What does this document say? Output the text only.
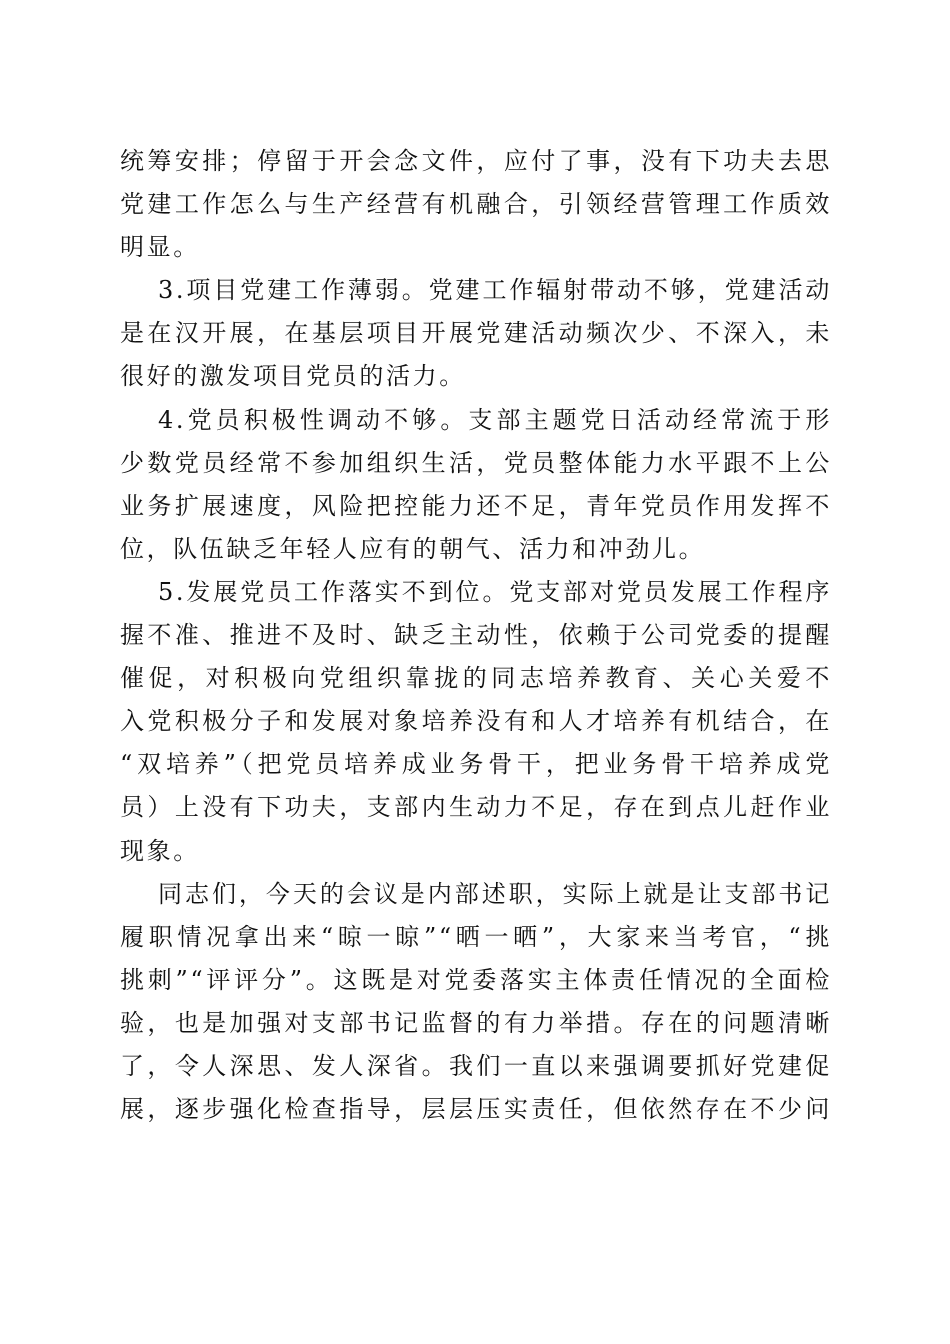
统筹安排；停留于开会念文件，应付了事，没有下功夫去思
党建工作怎么与生产经营有机融合，引领经营管理工作质效
明显。
3.项目党建工作薄弱。党建工作辐射带动不够，党建活动
是在汉开展，在基层项目开展党建活动频次少、不深入，未
很好的激发项目党员的活力。
4.党员积极性调动不够。支部主题党日活动经常流于形
少数党员经常不参加组织生活，党员整体能力水平跟不上公
业务扩展速度，风险把控能力还不足，青年党员作用发挥不
位，队伍缺乏年轻人应有的朝气、活力和冲劲儿。
5.发展党员工作落实不到位。党支部对党员发展工作程序
握不准、推进不及时、缺乏主动性，依赖于公司党委的提醒
催促，对积极向党组织靠拢的同志培养教育、关心关爱不
入党积极分子和发展对象培养没有和人才培养有机结合，在
“双培养”（把党员培养成业务骨干，把业务骨干培养成党
员）上没有下功夫，支部内生动力不足，存在到点儿赶作业
现象。
同志们，今天的会议是内部述职，实际上就是让支部书记
履职情况拿出来“晾一晾”“晒一晒”，大家来当考官，“挑
挑刺”“评评分”。这既是对党委落实主体责任情况的全面检
验，也是加强对支部书记监督的有力举措。存在的问题清晰
了，令人深思、发人深省。我们一直以来强调要抓好党建促
展，逐步强化检查指导，层层压实责任，但依然存在不少问
